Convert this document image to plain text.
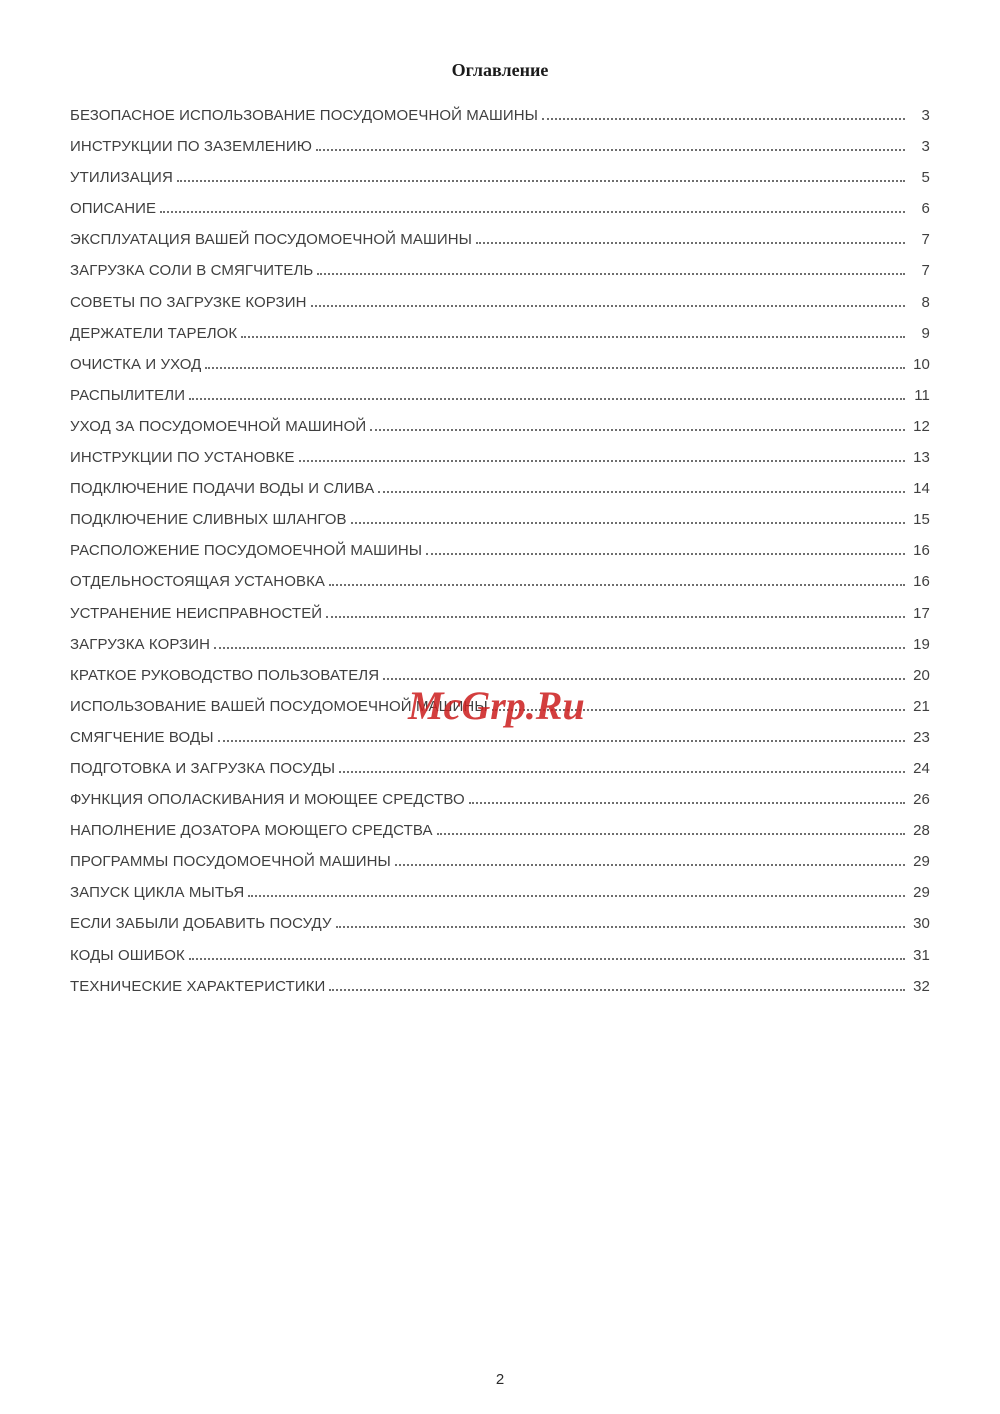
Оглавление
БЕЗОПАСНОЕ ИСПОЛЬЗОВАНИЕ ПОСУДОМОЕЧНОЙ МАШИНЫ	3
ИНСТРУКЦИИ ПО ЗАЗЕМЛЕНИЮ	3
УТИЛИЗАЦИЯ	5
ОПИСАНИЕ	6
ЭКСПЛУАТАЦИЯ ВАШЕЙ ПОСУДОМОЕЧНОЙ МАШИНЫ	7
ЗАГРУЗКА СОЛИ В СМЯГЧИТЕЛЬ	7
СОВЕТЫ ПО ЗАГРУЗКЕ КОРЗИН	8
ДЕРЖАТЕЛИ ТАРЕЛОК	9
ОЧИСТКА И УХОД	10
РАСПЫЛИТЕЛИ	11
УХОД ЗА ПОСУДОМОЕЧНОЙ МАШИНОЙ	12
ИНСТРУКЦИИ ПО УСТАНОВКЕ	13
ПОДКЛЮЧЕНИЕ ПОДАЧИ ВОДЫ И СЛИВА	14
ПОДКЛЮЧЕНИЕ СЛИВНЫХ ШЛАНГОВ	15
РАСПОЛОЖЕНИЕ ПОСУДОМОЕЧНОЙ МАШИНЫ	16
ОТДЕЛЬНОСТОЯЩАЯ УСТАНОВКА	16
УСТРАНЕНИЕ НЕИСПРАВНОСТЕЙ	17
ЗАГРУЗКА КОРЗИН	19
КРАТКОЕ РУКОВОДСТВО ПОЛЬЗОВАТЕЛЯ	20
ИСПОЛЬЗОВАНИЕ ВАШЕЙ ПОСУДОМОЕЧНОЙ МАШИНЫ	21
СМЯГЧЕНИЕ ВОДЫ	23
ПОДГОТОВКА И ЗАГРУЗКА ПОСУДЫ	24
ФУНКЦИЯ ОПОЛАСКИВАНИЯ И МОЮЩЕЕ СРЕДСТВО	26
НАПОЛНЕНИЕ ДОЗАТОРА МОЮЩЕГО СРЕДСТВА	28
ПРОГРАММЫ ПОСУДОМОЕЧНОЙ МАШИНЫ	29
ЗАПУСК ЦИКЛА МЫТЬЯ	29
ЕСЛИ ЗАБЫЛИ ДОБАВИТЬ ПОСУДУ	30
КОДЫ ОШИБОК	31
ТЕХНИЧЕСКИЕ ХАРАКТЕРИСТИКИ	32
McGrp.Ru
2
